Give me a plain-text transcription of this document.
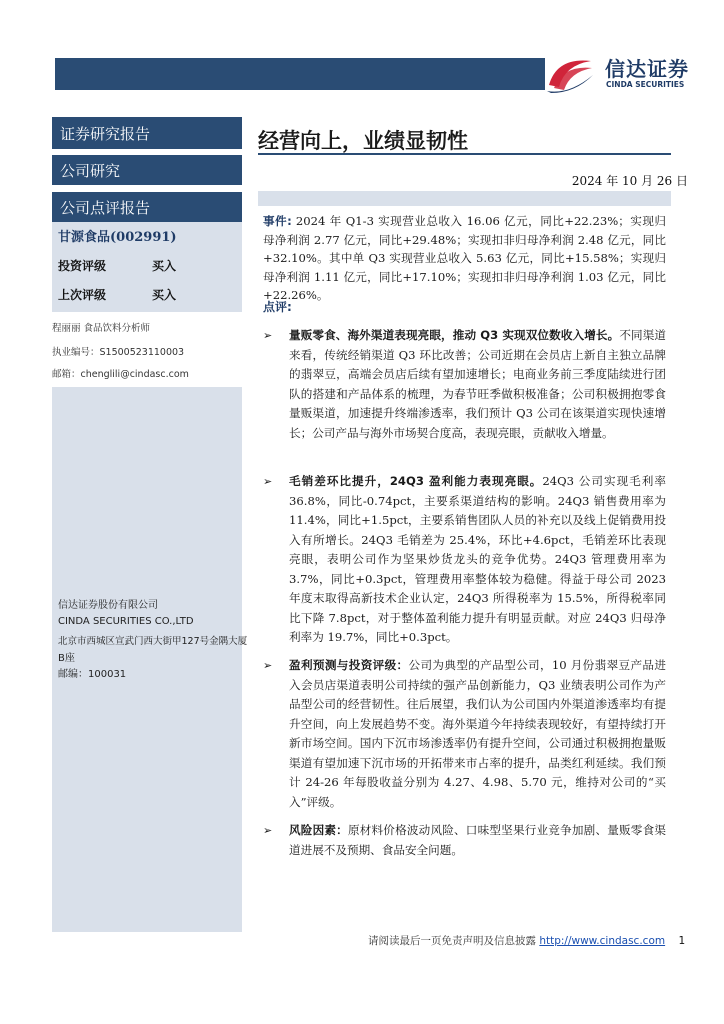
信达证券
CINDA SECURITIES
证券研究报告
公司研究
公司点评报告
甘源食品(002991)
投资评级	买入
上次评级	买入
程丽丽 食品饮料分析师
执业编号：S1500523110003
邮箱：chenglili@cindasc.com
信达证券股份有限公司
CINDA SECURITIES CO.,LTD
北京市西城区宣武门西大街甲127号金隅大厦
B座
邮编：100031
经营向上，业绩显韧性
2024 年 10 月 26 日
事件: 2024 年 Q1-3 实现营业总收入 16.06 亿元，同比+22.23%；实现归母净利润 2.77 亿元，同比+29.48%；实现扣非归母净利润 2.48 亿元，同比+32.10%。其中单 Q3 实现营业总收入 5.63 亿元，同比+15.58%；实现归母净利润 1.11 亿元，同比+17.10%；实现扣非归母净利润 1.03 亿元，同比+22.26%。
点评:
➢	量贩零食、海外渠道表现亮眼，推动 Q3 实现双位数收入增长。不同渠道来看，传统经销渠道 Q3 环比改善；公司近期在会员店上新自主独立品牌的翡翠豆，高端会员店后续有望加速增长；电商业务前三季度陆续进行团队的搭建和产品体系的梳理，为春节旺季做积极准备；公司积极拥抱零食量贩渠道，加速提升终端渗透率，我们预计 Q3 公司在该渠道实现快速增长；公司产品与海外市场契合度高，表现亮眼，贡献收入增量。
➢	毛销差环比提升，24Q3 盈利能力表现亮眼。24Q3 公司实现毛利率 36.8%，同比-0.74pct，主要系渠道结构的影响。24Q3 销售费用率为 11.4%，同比+1.5pct，主要系销售团队人员的补充以及线上促销费用投入有所增长。24Q3 毛销差为 25.4%，环比+4.6pct，毛销差环比表现亮眼，表明公司作为坚果炒货龙头的竞争优势。24Q3 管理费用率为 3.7%，同比+0.3pct，管理费用率整体较为稳健。得益于母公司 2023 年度末取得高新技术企业认定，24Q3 所得税率为 15.5%，所得税率同比下降 7.8pct，对于整体盈利能力提升有明显贡献。对应 24Q3 归母净利率为 19.7%，同比+0.3pct。
➢	盈利预测与投资评级：公司为典型的产品型公司，10 月份翡翠豆产品进入会员店渠道表明公司持续的强产品创新能力，Q3 业绩表明公司作为产品型公司的经营韧性。往后展望，我们认为公司国内外渠道渗透率均有提升空间，向上发展趋势不变。海外渠道今年持续表现较好，有望持续打开新市场空间。国内下沉市场渗透率仍有提升空间，公司通过积极拥抱量贩渠道有望加速下沉市场的开拓带来市占率的提升，品类红利延续。我们预计 24-26 年每股收益分别为 4.27、4.98、5.70 元，维持对公司的“买入”评级。
➢	风险因素：原材料价格波动风险、口味型坚果行业竞争加剧、量贩零食渠道进展不及预期、食品安全问题。
请阅读最后一页免责声明及信息披露 http://www.cindasc.com 1
